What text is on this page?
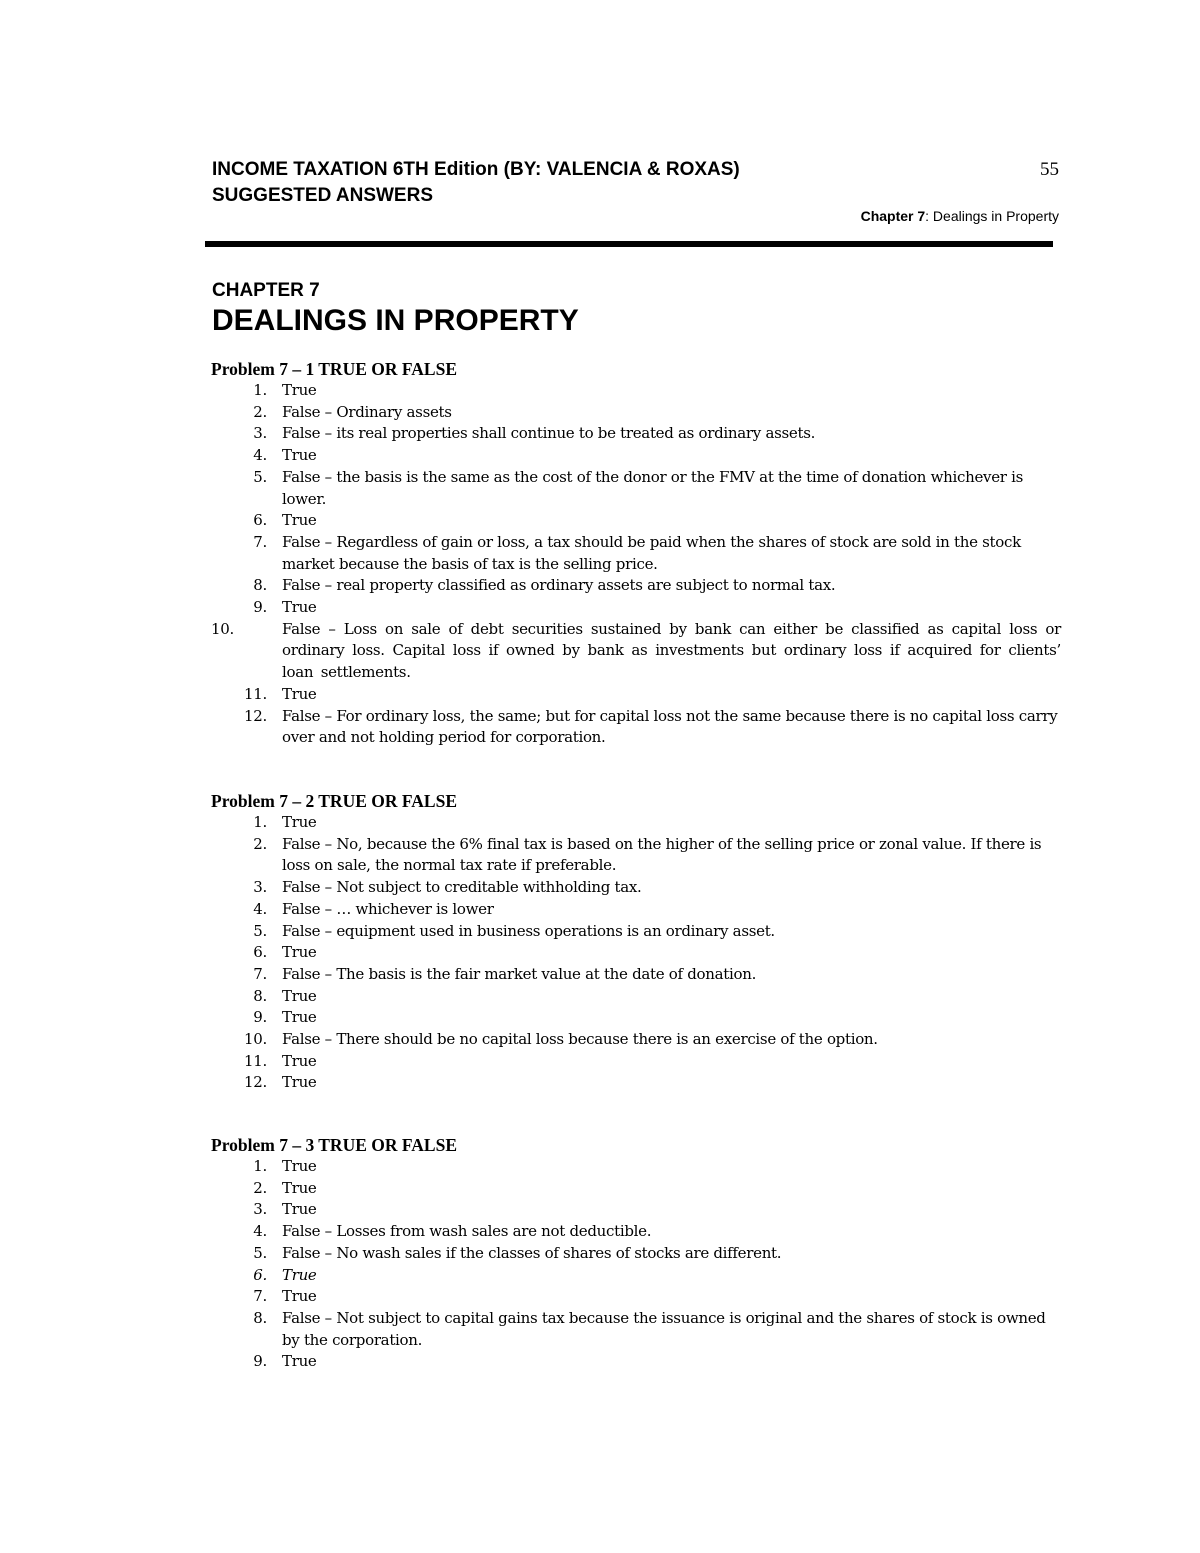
INCOME TAXATION 6TH Edition (BY: VALENCIA & ROXAS)
SUGGESTED ANSWERS
55
Chapter 7: Dealings in Property
CHAPTER 7
DEALINGS IN PROPERTY
Problem 7 – 1 TRUE OR FALSE
1. True
2. False – Ordinary assets
3. False – its real properties shall continue to be treated as ordinary assets.
4. True
5. False – the basis is the same as the cost of the donor or the FMV at the time of donation whichever is lower.
6. True
7. False – Regardless of gain or loss, a tax should be paid when the shares of stock are sold in the stock market because the basis of tax is the selling price.
8. False – real property classified as ordinary assets are subject to normal tax.
9. True
10.	False – Loss on sale of debt securities sustained by bank can either be classified as capital loss or ordinary loss. Capital loss if owned by bank as investments but ordinary loss if acquired for clients’ loan settlements.
11. True
12. False – For ordinary loss, the same; but for capital loss not the same because there is no capital loss carry over and not holding period for corporation.
Problem 7 – 2 TRUE OR FALSE
1. True
2. False – No, because the 6% final tax is based on the higher of the selling price or zonal value. If there is loss on sale, the normal tax rate if preferable.
3. False – Not subject to creditable withholding tax.
4. False – … whichever is lower
5. False – equipment used in business operations is an ordinary asset.
6. True
7. False – The basis is the fair market value at the date of donation.
8. True
9. True
10. False – There should be no capital loss because there is an exercise of the option.
11. True
12. True
Problem 7 – 3 TRUE OR FALSE
1. True
2. True
3. True
4. False – Losses from wash sales are not deductible.
5. False – No wash sales if the classes of shares of stocks are different.
6. True
7. True
8. False – Not subject to capital gains tax because the issuance is original and the shares of stock is owned by the corporation.
9. True
